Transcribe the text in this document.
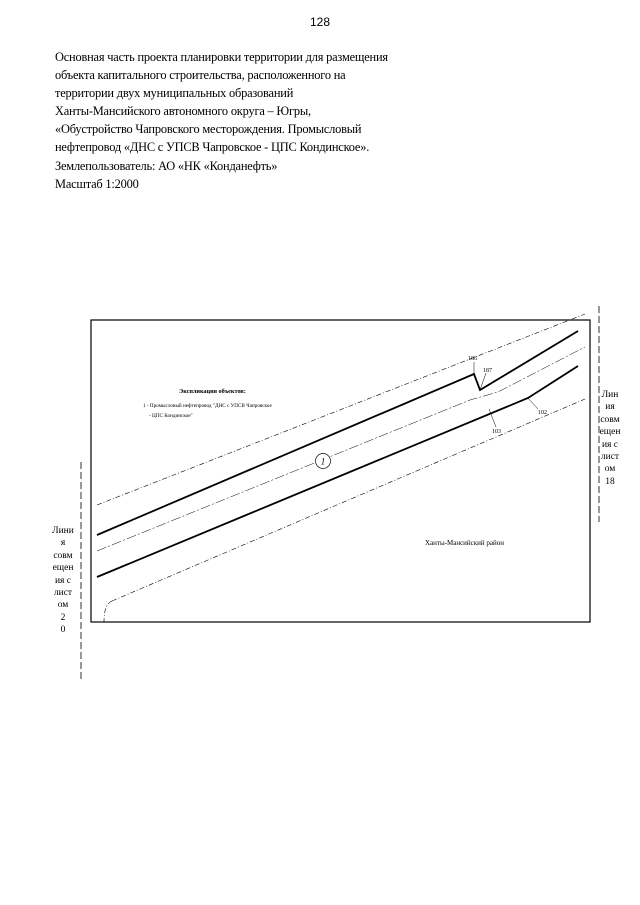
128
Основная часть проекта планировки территории для размещения
объекта капитального строительства, расположенного на
территории двух муниципальных образований
Ханты-Мансийского автономного округа – Югры,
«Обустройство Чапровского месторождения. Промысловый
нефтепровод «ДНС с УПСВ Чапровское - ЦПС Кондинское».
Землепользователь: АО «НК «Конданефть»
Масштаб 1:2000
186
187
103
102
1
Экспликация объектов:
1 - Промысловый нефтепровод "ДНС с УПСВ Чапровское
- ЦПС Кондинское"
Ханты-Мансийский район
Лин
ия
совм
ещен
ия с
лист
ом
18
Лини
я
совм
ещен
ия с
лист
ом
2
0
